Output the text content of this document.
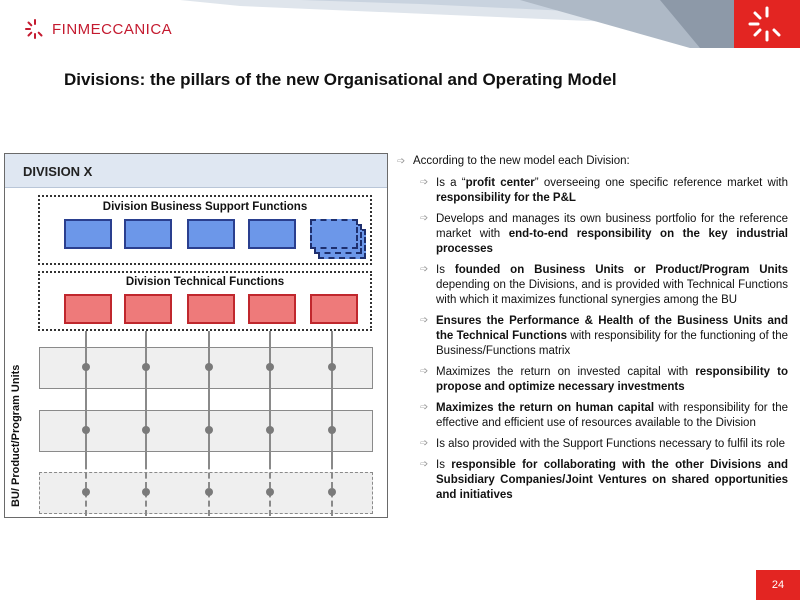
FINMECCANICA
Divisions: the pillars of the new Organisational and Operating Model
DIVISION X
Division Business Support Functions
Division Technical Functions
BU/ Product/Program Units
➩ According to the new model each Division:
➩ Is a “profit center” overseeing one specific reference market with responsibility for the P&L
➩ Develops and manages its own business portfolio for the reference market with end-to-end responsibility on the key industrial processes
➩ Is founded on Business Units or Product/Program Units depending on the Divisions, and is provided with Technical Functions with which it maximizes functional synergies among the BU
➩ Ensures the Performance & Health of the Business Units and the Technical Functions with responsibility for the functioning of the Business/Functions matrix
➩ Maximizes the return on invested capital with responsibility to propose and optimize necessary investments
➩ Maximizes the return on human capital with responsibility for the effective and efficient use of resources available to the Division
➩ Is also provided with the Support Functions necessary to fulfil its role
➩ Is responsible for collaborating with the other Divisions and Subsidiary Companies/Joint Ventures on shared opportunities and initiatives
24
